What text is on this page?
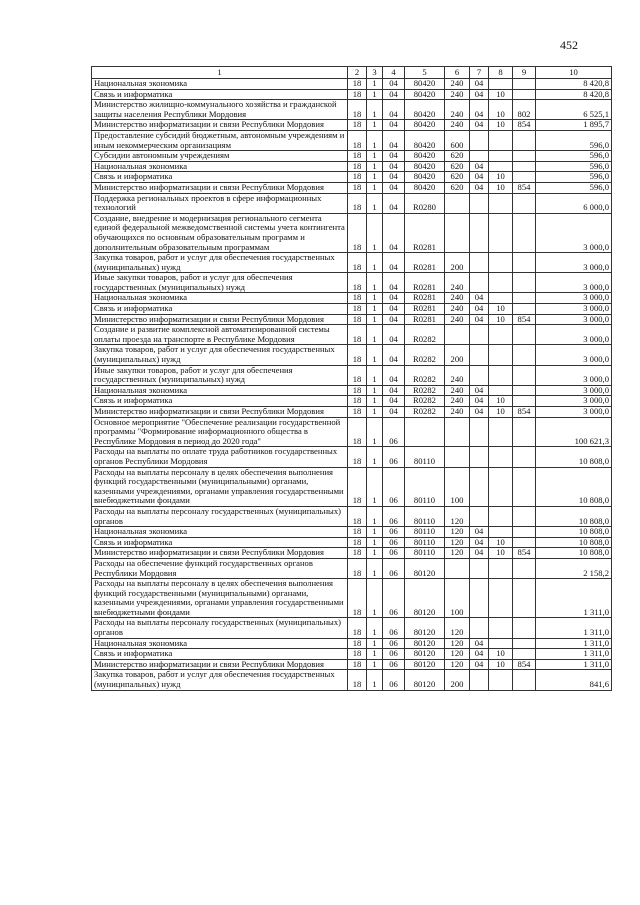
452
1	2	3	4	5	6	7	8	9	10
Национальная экономика	18	1	04	80420	240	04			8 420,8
Связь и информатика	18	1	04	80420	240	04	10		8 420,8
Министерство жилищно-коммунального хозяйства и гражданской защиты населения Республики Мордовия	18	1	04	80420	240	04	10	802	6 525,1
Министерство информатизации и связи Республики Мордовия	18	1	04	80420	240	04	10	854	1 895,7
Предоставление субсидий бюджетным, автономным учреждениям и иным некоммерческим организациям	18	1	04	80420	600				596,0
Субсидии автономным учреждениям	18	1	04	80420	620				596,0
Национальная экономика	18	1	04	80420	620	04			596,0
Связь и информатика	18	1	04	80420	620	04	10		596,0
Министерство информатизации и связи Республики Мордовия	18	1	04	80420	620	04	10	854	596,0
Поддержка региональных проектов в сфере информационных технологий	18	1	04	R0280					6 000,0
Создание, внедрение и модернизация регионального сегмента единой федеральной межведомственной системы учета контингента обучающихся по основным образовательным программ и дополнительным образовательным программам	18	1	04	R0281					3 000,0
Закупка товаров, работ и услуг для обеспечения государственных (муниципальных) нужд	18	1	04	R0281	200				3 000,0
Иные закупки товаров, работ и услуг для обеспечения государственных (муниципальных) нужд	18	1	04	R0281	240				3 000,0
Национальная экономика	18	1	04	R0281	240	04			3 000,0
Связь и информатика	18	1	04	R0281	240	04	10		3 000,0
Министерство информатизации и связи Республики Мордовия	18	1	04	R0281	240	04	10	854	3 000,0
Создание и развитие комплексной автоматизированной системы оплаты проезда на транспорте в Республике Мордовия	18	1	04	R0282					3 000,0
Закупка товаров, работ и услуг для обеспечения государственных (муниципальных) нужд	18	1	04	R0282	200				3 000,0
Иные закупки товаров, работ и услуг для обеспечения государственных (муниципальных) нужд	18	1	04	R0282	240				3 000,0
Национальная экономика	18	1	04	R0282	240	04			3 000,0
Связь и информатика	18	1	04	R0282	240	04	10		3 000,0
Министерство информатизации и связи Республики Мордовия	18	1	04	R0282	240	04	10	854	3 000,0
Основное мероприятие "Обеспечение реализации государственной программы "Формирование информационного общества в Республике Мордовия в период до 2020 года"	18	1	06						100 621,3
Расходы на выплаты по оплате труда работников государственных органов Республики Мордовия	18	1	06	80110					10 808,0
Расходы на выплаты персоналу в целях обеспечения выполнения функций государственными (муниципальными) органами, казенными учреждениями, органами управления государственными внебюджетными фондами	18	1	06	80110	100				10 808,0
Расходы на выплаты персоналу государственных (муниципальных) органов	18	1	06	80110	120				10 808,0
Национальная экономика	18	1	06	80110	120	04			10 808,0
Связь и информатика	18	1	06	80110	120	04	10		10 808,0
Министерство информатизации и связи Республики Мордовия	18	1	06	80110	120	04	10	854	10 808,0
Расходы на обеспечение функций государственных органов Республики Мордовия	18	1	06	80120					2 158,2
Расходы на выплаты персоналу в целях обеспечения выполнения функций государственными (муниципальными) органами, казенными учреждениями, органами управления государственными внебюджетными фондами	18	1	06	80120	100				1 311,0
Расходы на выплаты персоналу государственных (муниципальных) органов	18	1	06	80120	120				1 311,0
Национальная экономика	18	1	06	80120	120	04			1 311,0
Связь и информатика	18	1	06	80120	120	04	10		1 311,0
Министерство информатизации и связи Республики Мордовия	18	1	06	80120	120	04	10	854	1 311,0
Закупка товаров, работ и услуг для обеспечения государственных (муниципальных) нужд	18	1	06	80120	200				841,6
